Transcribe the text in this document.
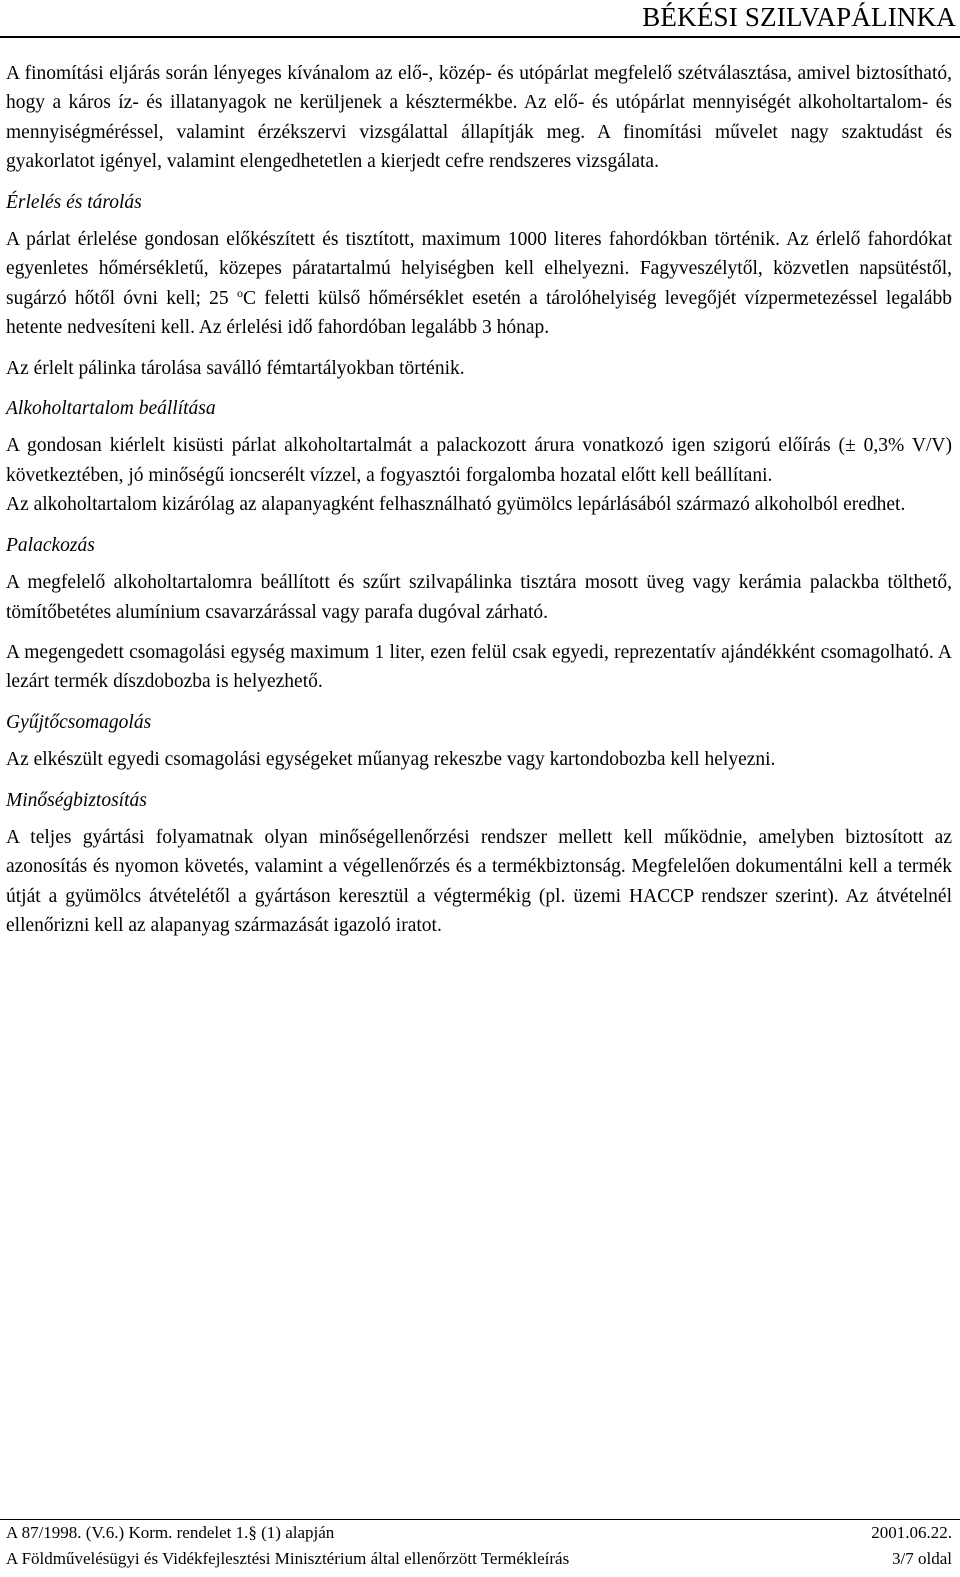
BÉKÉSI SZILVAPÁLINKA

A finomítási eljárás során lényeges kívánalom az elő-, közép- és utópárlat megfelelő szétválasztása, amivel biztosítható, hogy a káros íz- és illatanyagok ne kerüljenek a késztermékbe. Az elő- és utópárlat mennyiségét alkoholtartalom- és mennyiségméréssel, valamint érzékszervi vizsgálattal állapítják meg. A finomítási művelet nagy szaktudást és gyakorlatot igényel, valamint elengedhetetlen a kierjedt cefre rendszeres vizsgálata.

Érlelés és tárolás

A párlat érlelése gondosan előkészített és tisztított, maximum 1000 literes fahordókban történik. Az érlelő fahordókat egyenletes hőmérsékletű, közepes páratartalmú helyiségben kell elhelyezni. Fagyveszélytől, közvetlen napsütéstől, sugárzó hőtől óvni kell; 25 $^o$C feletti külső hőmérséklet esetén a tárolóhelyiség levegőjét vízpermetezéssel legalább hetente nedvesíteni kell. Az érlelési idő fahordóban legalább 3 hónap.

Az érlelt pálinka tárolása saválló fémtartályokban történik.

Alkoholtartalom beállítása

A gondosan kiérlelt kisüsti párlat alkoholtartalmát a palackozott árura vonatkozó igen szigorú előírás (± 0,3% V/V) következtében, jó minőségű ioncserélt vízzel, a fogyasztói forgalomba hozatal előtt kell beállítani.

Az alkoholtartalom kizárólag az alapanyagként felhasználható gyümölcs lepárlásából származó alkoholból eredhet.

Palackozás

A megfelelő alkoholtartalomra beállított és szűrt szilvapálinka tisztára mosott üveg vagy kerámia palackba tölthető, tömítőbetétes alumínium csavarzárással vagy parafa dugóval zárható.

A megengedett csomagolási egység maximum 1 liter, ezen felül csak egyedi, reprezentatív ajándékként csomagolható. A lezárt termék díszdobozba is helyezhető.

Gyűjtőcsomagolás

Az elkészült egyedi csomagolási egységeket műanyag rekeszbe vagy kartondobozba kell helyezni.

Minőségbiztosítás

A teljes gyártási folyamatnak olyan minőségellenőrzési rendszer mellett kell működnie, amelyben biztosított az azonosítás és nyomon követés, valamint a végellenőrzés és a termékbiztonság. Megfelelően dokumentálni kell a termék útját a gyümölcs átvételétől a gyártáson keresztül a végtermékig (pl. üzemi HACCP rendszer szerint). Az átvételnél ellenőrizni kell az alapanyag származását igazoló iratot.

A 87/1998. (V.6.) Korm. rendelet 1.§ (1) alapján	2001.06.22.
A Földművelésügyi és Vidékfejlesztési Minisztérium által ellenőrzött Termékleírás	3/7 oldal
